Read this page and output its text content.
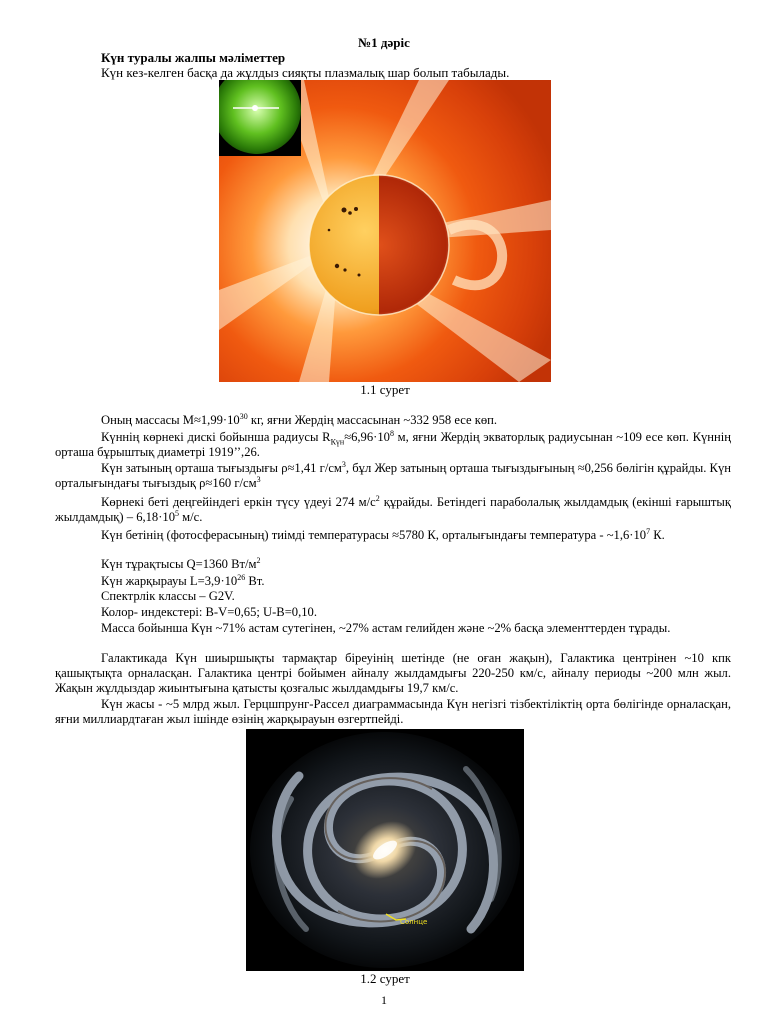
№1 дәріс
Күн туралы жалпы мәліметтер
Күн кез-келген басқа да жұлдыз сияқты плазмалық шар болып табылады.
1.1 сурет
Оның массасы $М\approx 1,99\cdot 10^{30}$ кг, яғни Жердің массасынан ~332 958 есе көп.
Күннің көрнекі дискі бойынша радиусы $R_{Күн}\approx 6,96\cdot 10^8$ м, яғни Жердің экваторлық радиусынан ~109 есе көп. Күннің орташа бұрыштық диаметрі 1919’’,26.
Күн затының орташа тығыздығы ρ≈1,41 $г/см^3$, бұл Жер затының орташа тығыздығының ≈0,256 бөлігін құрайды. Күн орталығындағы тығыздық ρ≈160 $г/см^3$
Көрнекі беті деңгейіндегі еркін түсу үдеуі 274 $м/с^2$ құрайды. Бетіндегі параболалық жылдамдық (екінші ғарыштық жылдамдық) – $6,18\cdot 10^5$ м/с.
Күн бетінің (фотосферасының) тиімді температурасы ≈5780 К, орталығындағы температура - $\sim 1,6\cdot 10^7$ К.
Күн тұрақтысы Q=1360 $Вт/м^2$
Күн жарқырауы $L=3,9\cdot 10^{26}$ Вт.
Спектрлік классы – G2V.
Колор- индекстері: B-V=0,65; U-B=0,10.
Масса бойынша Күн ~71% астам сутегінен, ~27% астам гелийден және ~2% басқа элементтерден тұрады.
Галактикада Күн шиыршықты тармақтар біреуінің шетінде (не оған жақын), Галактика центрінен ~10 кпк қашықтықта орналасқан. Галактика центрі бойымен айналу жылдамдығы 220-250 км/с, айналу периоды ~200 млн жыл. Жақын жұлдыздар жиынтығына қатысты қозғалыс жылдамдығы 19,7 км/с.
Күн жасы - ~5 млрд жыл. Герцшпрунг-Рассел диаграммасында Күн негізгі тізбектіліктің орта бөлігінде орналасқан, яғни миллиардтаған жыл ішінде өзінің жарқырауын өзгертпейді.
Солнце
1.2 сурет
1
